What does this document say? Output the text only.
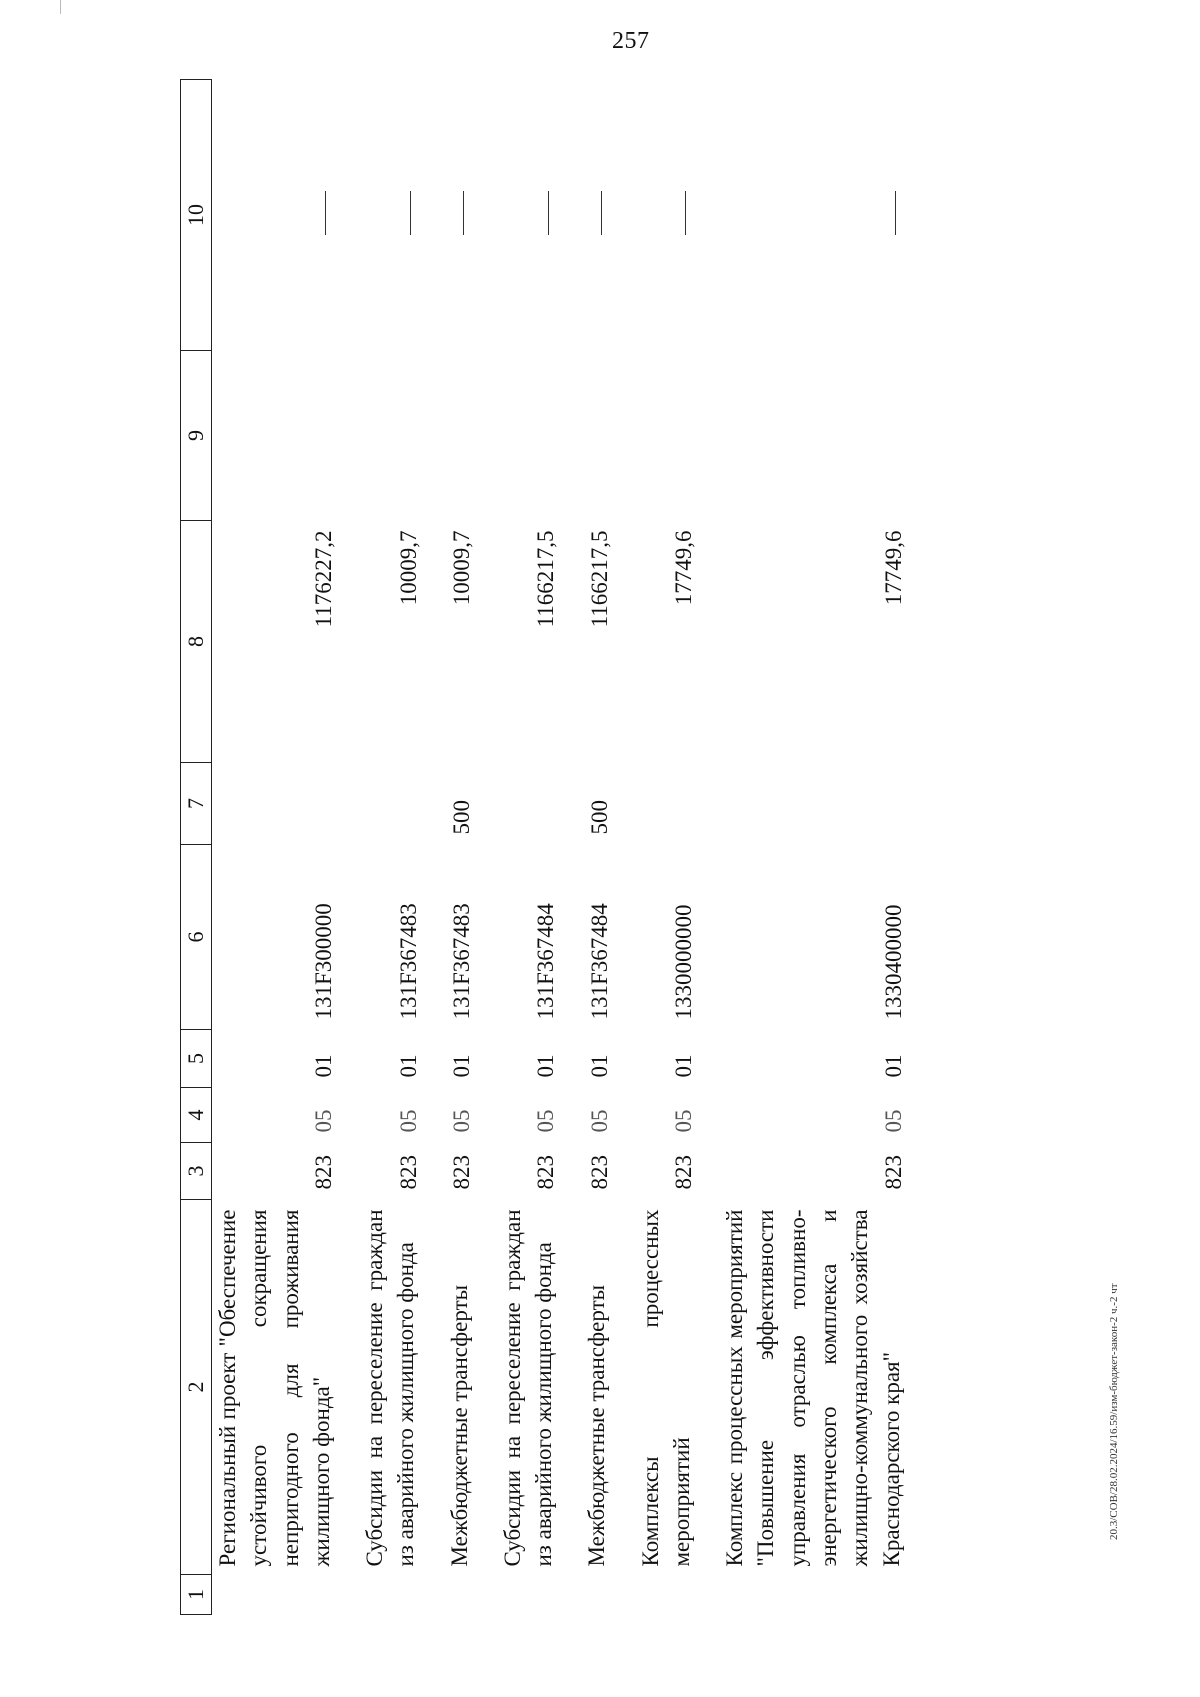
257
1	2	3	4	5	6	7	8	9	10
	Региональный проект "Обеспечение устойчивого сокращения непригодного для проживания жилищного фонда"	823	05	01	131F300000		1176227,2		

	Субсидии на переселение граждан из аварийного жилищного фонда	823	05	01	131F367483		10009,7		

	Межбюджетные трансферты	823	05	01	131F367483	500	10009,7		

	Субсидии на переселение граждан из аварийного жилищного фонда	823	05	01	131F367484		1166217,5		

	Межбюджетные трансферты	823	05	01	131F367484	500	1166217,5		

	Комплексы процессных мероприятий	823	05	01	1330000000		17749,6		

	Комплекс процессных мероприятий "Повышение эффективности управления отраслью топливно-энергетического комплекса и жилищно-коммунального хозяйства Краснодарского края"	823	05	01	1330400000		17749,6		
20.3/СОВ/28.02.2024/16.59/изм-бюджет-закон-2 ч.-2 чт
